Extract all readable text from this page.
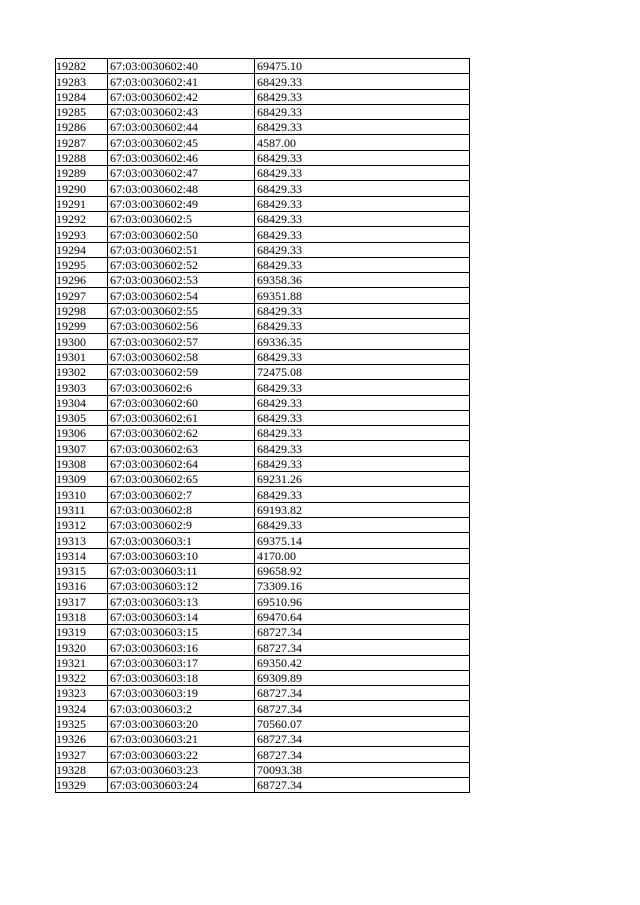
19282	67:03:0030602:40	69475.10
19283	67:03:0030602:41	68429.33
19284	67:03:0030602:42	68429.33
19285	67:03:0030602:43	68429.33
19286	67:03:0030602:44	68429.33
19287	67:03:0030602:45	4587.00
19288	67:03:0030602:46	68429.33
19289	67:03:0030602:47	68429.33
19290	67:03:0030602:48	68429.33
19291	67:03:0030602:49	68429.33
19292	67:03:0030602:5	68429.33
19293	67:03:0030602:50	68429.33
19294	67:03:0030602:51	68429.33
19295	67:03:0030602:52	68429.33
19296	67:03:0030602:53	69358.36
19297	67:03:0030602:54	69351.88
19298	67:03:0030602:55	68429.33
19299	67:03:0030602:56	68429.33
19300	67:03:0030602:57	69336.35
19301	67:03:0030602:58	68429.33
19302	67:03:0030602:59	72475.08
19303	67:03:0030602:6	68429.33
19304	67:03:0030602:60	68429.33
19305	67:03:0030602:61	68429.33
19306	67:03:0030602:62	68429.33
19307	67:03:0030602:63	68429.33
19308	67:03:0030602:64	68429.33
19309	67:03:0030602:65	69231.26
19310	67:03:0030602:7	68429.33
19311	67:03:0030602:8	69193.82
19312	67:03:0030602:9	68429.33
19313	67:03:0030603:1	69375.14
19314	67:03:0030603:10	4170.00
19315	67:03:0030603:11	69658.92
19316	67:03:0030603:12	73309.16
19317	67:03:0030603:13	69510.96
19318	67:03:0030603:14	69470.64
19319	67:03:0030603:15	68727.34
19320	67:03:0030603:16	68727.34
19321	67:03:0030603:17	69350.42
19322	67:03:0030603:18	69309.89
19323	67:03:0030603:19	68727.34
19324	67:03:0030603:2	68727.34
19325	67:03:0030603:20	70560.07
19326	67:03:0030603:21	68727.34
19327	67:03:0030603:22	68727.34
19328	67:03:0030603:23	70093.38
19329	67:03:0030603:24	68727.34
